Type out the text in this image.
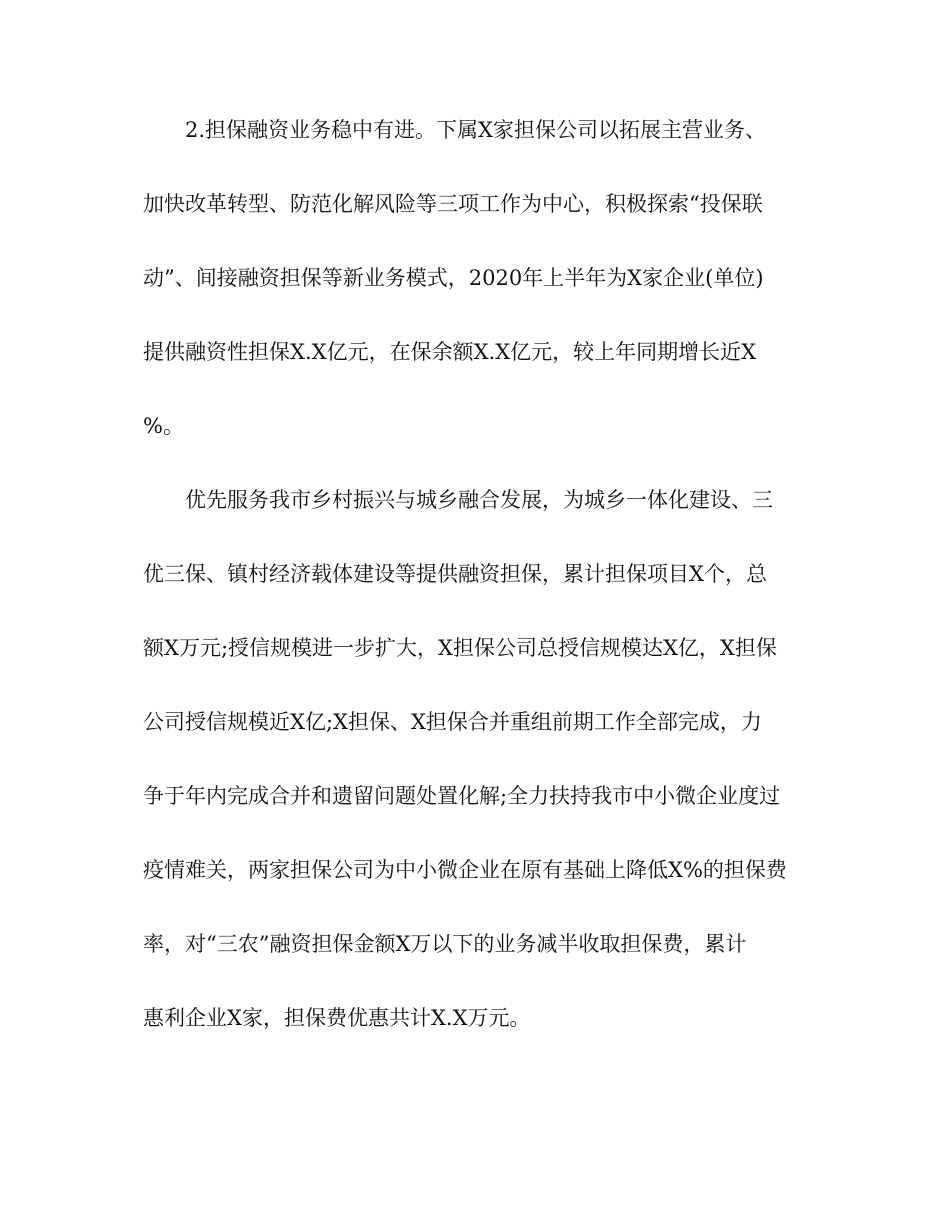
2.担保融资业务稳中有进。下属X家担保公司以拓展主营业务、
加快改革转型、防范化解风险等三项工作为中心，积极探索“投保联
动”、间接融资担保等新业务模式，2020年上半年为X家企业(单位)
提供融资性担保X.X亿元，在保余额X.X亿元，较上年同期增长近X
%。
优先服务我市乡村振兴与城乡融合发展，为城乡一体化建设、三
优三保、镇村经济载体建设等提供融资担保，累计担保项目X个，总
额X万元;授信规模进一步扩大，X担保公司总授信规模达X亿，X担保
公司授信规模近X亿;X担保、X担保合并重组前期工作全部完成，力
争于年内完成合并和遗留问题处置化解;全力扶持我市中小微企业度过
疫情难关，两家担保公司为中小微企业在原有基础上降低X%的担保费
率，对“三农”融资担保金额X万以下的业务减半收取担保费，累计
惠利企业X家，担保费优惠共计X.X万元。
